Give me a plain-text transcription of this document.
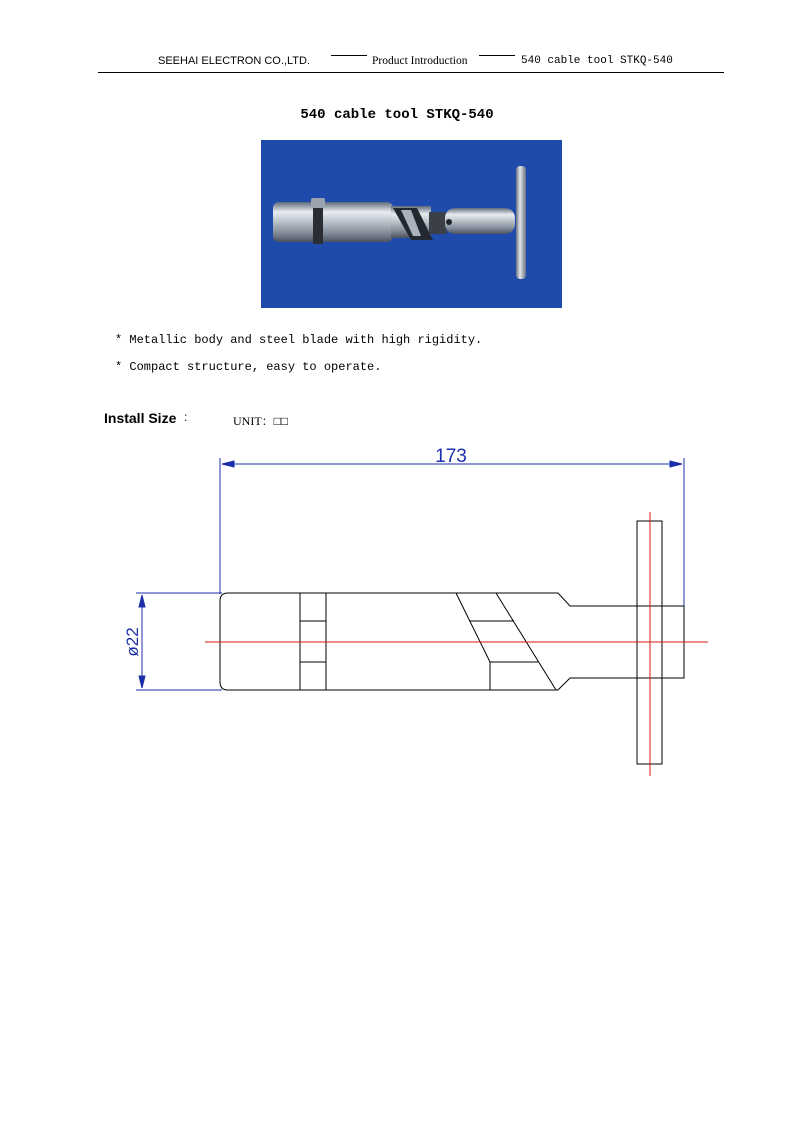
SEEHAI ELECTRON CO.,LTD.	Product Introduction	540 cable tool STKQ-540
540 cable tool STKQ-540
* Metallic body and steel blade with high rigidity.
* Compact structure, easy to operate.
Install Size :	UNIT：□□
173
ø22
